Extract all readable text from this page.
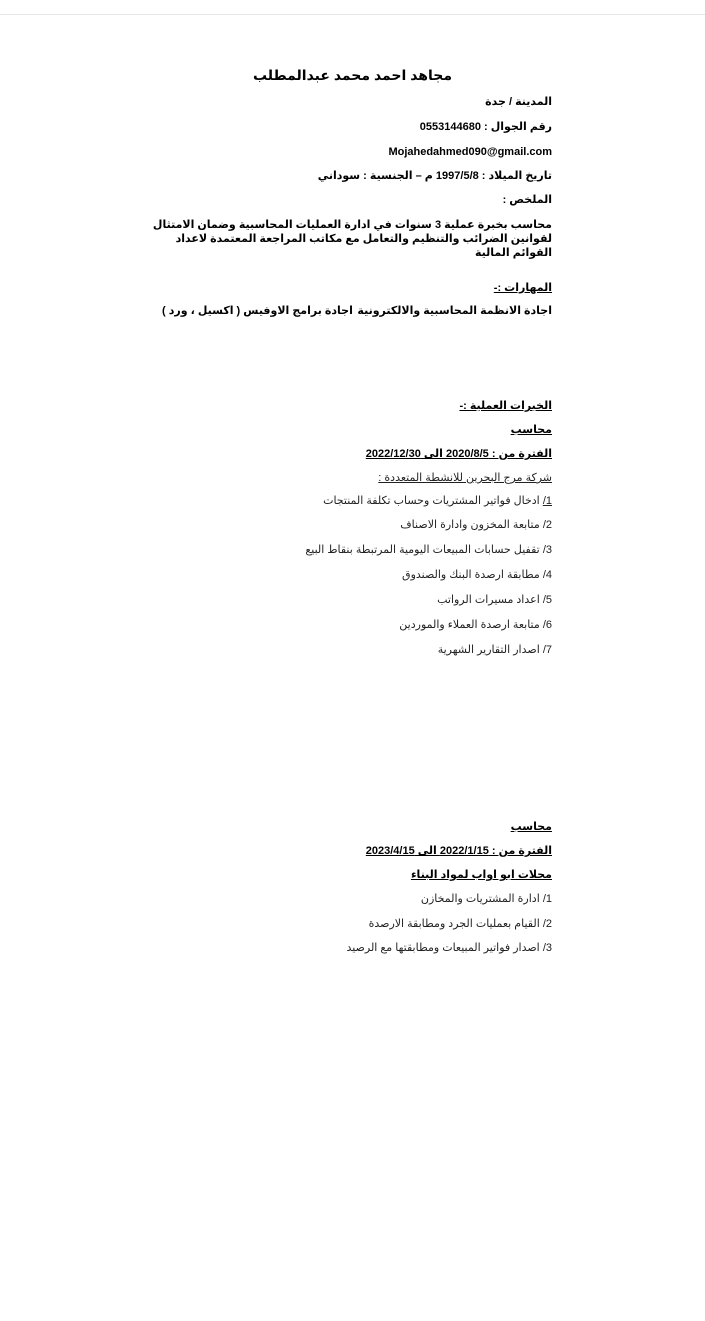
مجاهد احمد محمد عبدالمطلب

المدينة / جدة

رقم الجوال : 0553144680

Mojahedahmed090@gmail.com

تاريخ الميلاد : 1997/5/8 م – الجنسية : سوداني

الملخص :

محاسب بخبرة عملية 3 سنوات في ادارة العمليات المحاسبية وضمان الامتثال لقوانين الضرائب والتنظيم والتعامل مع مكاتب المراجعة المعتمدة لاعداد القوائم المالية

المهارات :-

اجادة الانظمة المحاسبية والالكترونية
اجادة برامج الاوفيس ( اكسيل ، ورد )

الخبرات العملية :-

محاسب

الفترة من : 2020/8/5 الى 2022/12/30

شركة مرج البحرين للانشطة المتعددة :

1/ ادخال فواتير المشتريات وحساب تكلفة المنتجات
2/ متابعة المخزون وادارة الاصناف
3/ تقفيل حسابات المبيعات اليومية المرتبطة بنقاط البيع
4/ مطابقة ارصدة البنك والصندوق
5/ اعداد مسيرات الرواتب
6/ متابعة ارصدة العملاء والموردين
7/ اصدار التقارير الشهرية

محاسب

الفترة من : 2022/1/15 الى 2023/4/15

محلات ابو اواب لمواد البناء

1/ ادارة المشتريات والمخازن
2/ القيام بعمليات الجرد ومطابقة الارصدة
3/ اصدار فواتير المبيعات ومطابقتها مع الرصيد
